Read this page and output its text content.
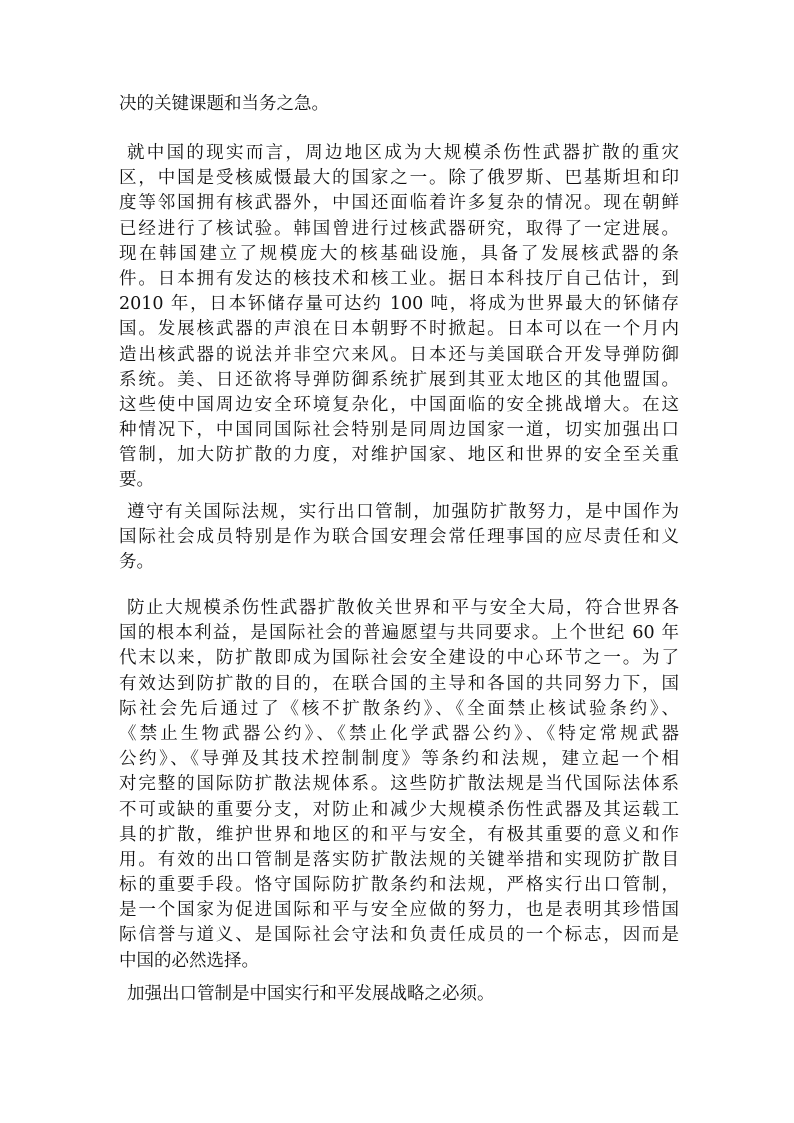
决的关键课题和当务之急。
就中国的现实而言，周边地区成为大规模杀伤性武器扩散的重灾
区，中国是受核威慑最大的国家之一。除了俄罗斯、巴基斯坦和印
度等邻国拥有核武器外，中国还面临着许多复杂的情况。现在朝鲜
已经进行了核试验。韩国曾进行过核武器研究，取得了一定进展。
现在韩国建立了规模庞大的核基础设施，具备了发展核武器的条
件。日本拥有发达的核技术和核工业。据日本科技厅自己估计，到
2010 年，日本钚储存量可达约 100 吨，将成为世界最大的钚储存
国。发展核武器的声浪在日本朝野不时掀起。日本可以在一个月内
造出核武器的说法并非空穴来风。日本还与美国联合开发导弹防御
系统。美、日还欲将导弹防御系统扩展到其亚太地区的其他盟国。
这些使中国周边安全环境复杂化，中国面临的安全挑战增大。在这
种情况下，中国同国际社会特别是同周边国家一道，切实加强出口
管制，加大防扩散的力度，对维护国家、地区和世界的安全至关重
要。
遵守有关国际法规，实行出口管制，加强防扩散努力，是中国作为
国际社会成员特别是作为联合国安理会常任理事国的应尽责任和义
务。
防止大规模杀伤性武器扩散攸关世界和平与安全大局，符合世界各
国的根本利益，是国际社会的普遍愿望与共同要求。上个世纪 60 年
代末以来，防扩散即成为国际社会安全建设的中心环节之一。为了
有效达到防扩散的目的，在联合国的主导和各国的共同努力下，国
际社会先后通过了《核不扩散条约》、《全面禁止核试验条约》、
《禁止生物武器公约》、《禁止化学武器公约》、《特定常规武器
公约》、《导弹及其技术控制制度》等条约和法规，建立起一个相
对完整的国际防扩散法规体系。这些防扩散法规是当代国际法体系
不可或缺的重要分支，对防止和减少大规模杀伤性武器及其运载工
具的扩散，维护世界和地区的和平与安全，有极其重要的意义和作
用。有效的出口管制是落实防扩散法规的关键举措和实现防扩散目
标的重要手段。恪守国际防扩散条约和法规，严格实行出口管制，
是一个国家为促进国际和平与安全应做的努力，也是表明其珍惜国
际信誉与道义、是国际社会守法和负责任成员的一个标志，因而是
中国的必然选择。
加强出口管制是中国实行和平发展战略之必须。
